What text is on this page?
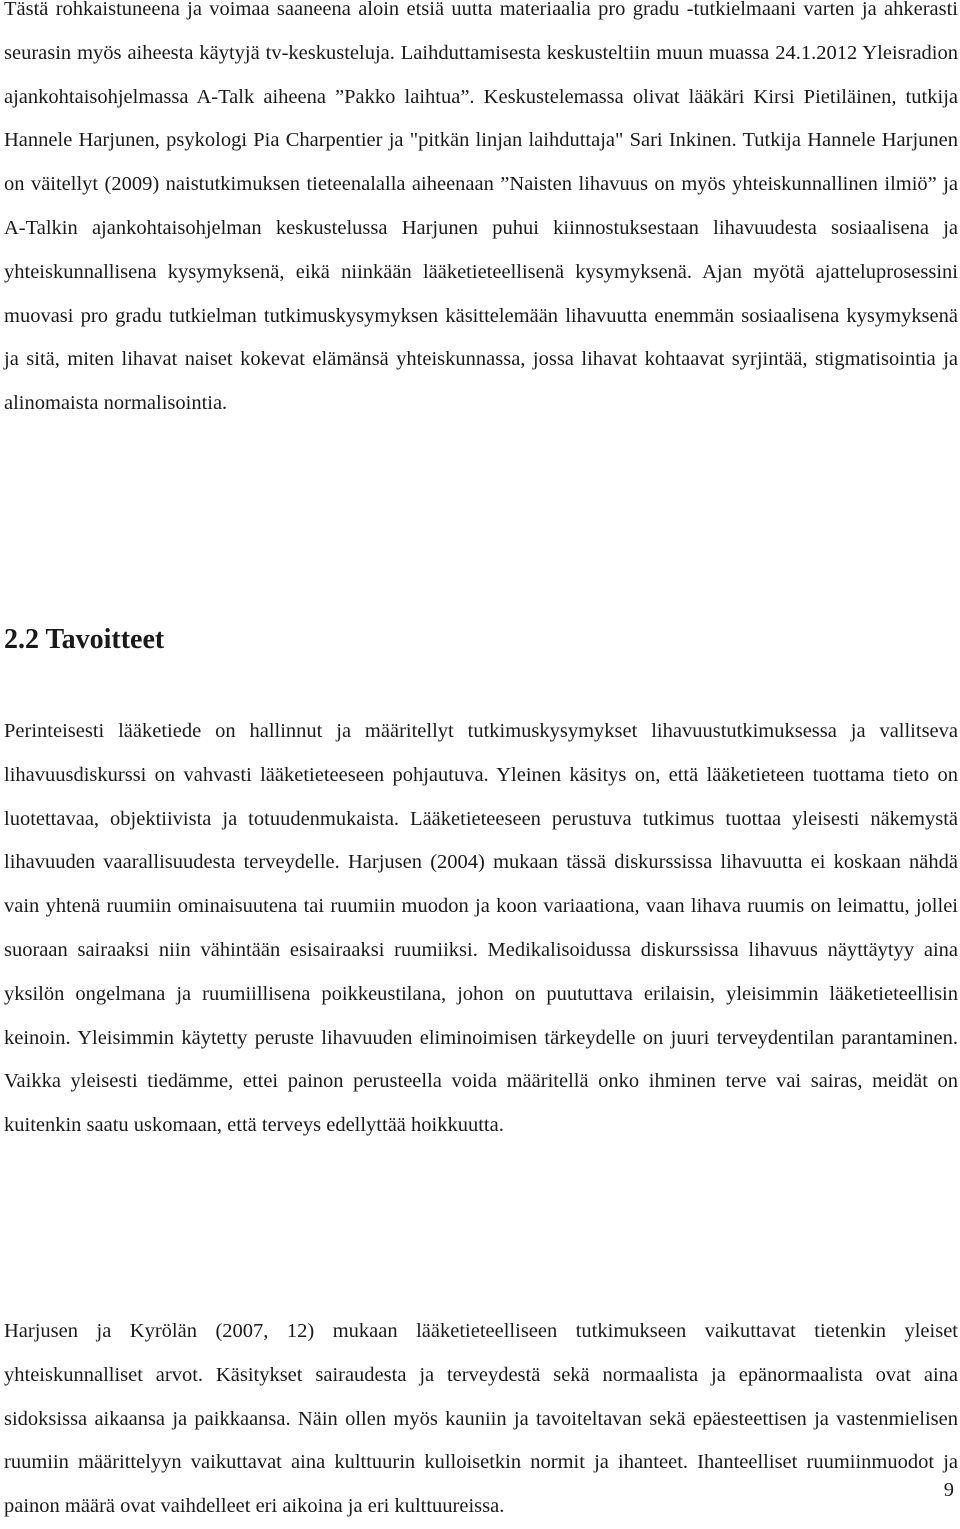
Tästä rohkaistuneena ja voimaa saaneena aloin etsiä uutta materiaalia pro gradu -tutkielmaani varten ja ahkerasti seurasin myös aiheesta käytyjä tv-keskusteluja. Laihduttamisesta keskusteltiin muun muassa 24.1.2012 Yleisradion ajankohtaisohjelmassa A-Talk aiheena ”Pakko laihtua”. Keskustelemassa olivat lääkäri Kirsi Pietiläinen, tutkija Hannele Harjunen, psykologi Pia Charpentier ja "pitkän linjan laihduttaja" Sari Inkinen. Tutkija Hannele Harjunen on väitellyt (2009) naistutkimuksen tieteenalalla aiheenaan ”Naisten lihavuus on myös yhteiskunnallinen ilmiö” ja A-Talkin ajankohtaisohjelman keskustelussa Harjunen puhui kiinnostuksestaan lihavuudesta sosiaalisena ja yhteiskunnallisena kysymyksenä, eikä niinkään lääketieteellisenä kysymyksenä. Ajan myötä ajatteluprosessini muovasi pro gradu tutkielman tutkimuskysymyksen käsittelemään lihavuutta enemmän sosiaalisena kysymyksenä ja sitä, miten lihavat naiset kokevat elämänsä yhteiskunnassa, jossa lihavat kohtaavat syrjintää, stigmatisointia ja alinomaista normalisointia.

2.2 Tavoitteet

Perinteisesti lääketiede on hallinnut ja määritellyt tutkimuskysymykset lihavuustutkimuksessa ja vallitseva lihavuusdiskurssi on vahvasti lääketieteeseen pohjautuva. Yleinen käsitys on, että lääketieteen tuottama tieto on luotettavaa, objektiivista ja totuudenmukaista. Lääketieteeseen perustuva tutkimus tuottaa yleisesti näkemystä lihavuuden vaarallisuudesta terveydelle. Harjusen (2004) mukaan tässä diskurssissa lihavuutta ei koskaan nähdä vain yhtenä ruumiin ominaisuutena tai ruumiin muodon ja koon variaationa, vaan lihava ruumis on leimattu, jollei suoraan sairaaksi niin vähintään esisairaaksi ruumiiksi. Medikalisoidussa diskurssissa lihavuus näyttäytyy aina yksilön ongelmana ja ruumiillisena poikkeustilana, johon on puututtava erilaisin, yleisimmin lääketieteellisin keinoin. Yleisimmin käytetty peruste lihavuuden eliminoimisen tärkeydelle on juuri terveydentilan parantaminen. Vaikka yleisesti tiedämme, ettei painon perusteella voida määritellä onko ihminen terve vai sairas, meidät on kuitenkin saatu uskomaan, että terveys edellyttää hoikkuutta.

Harjusen ja Kyrölän (2007, 12) mukaan lääketieteelliseen tutkimukseen vaikuttavat tietenkin yleiset yhteiskunnalliset arvot. Käsitykset sairaudesta ja terveydestä sekä normaalista ja epänormaalista ovat aina sidoksissa aikaansa ja paikkaansa. Näin ollen myös kauniin ja tavoiteltavan sekä epäesteettisen ja vastenmielisen ruumiin määrittelyyn vaikuttavat aina kulttuurin kulloisetkin normit ja ihanteet. Ihanteelliset ruumiinmuodot ja painon määrä ovat vaihdelleet eri aikoina ja eri kulttuureissa.

9
